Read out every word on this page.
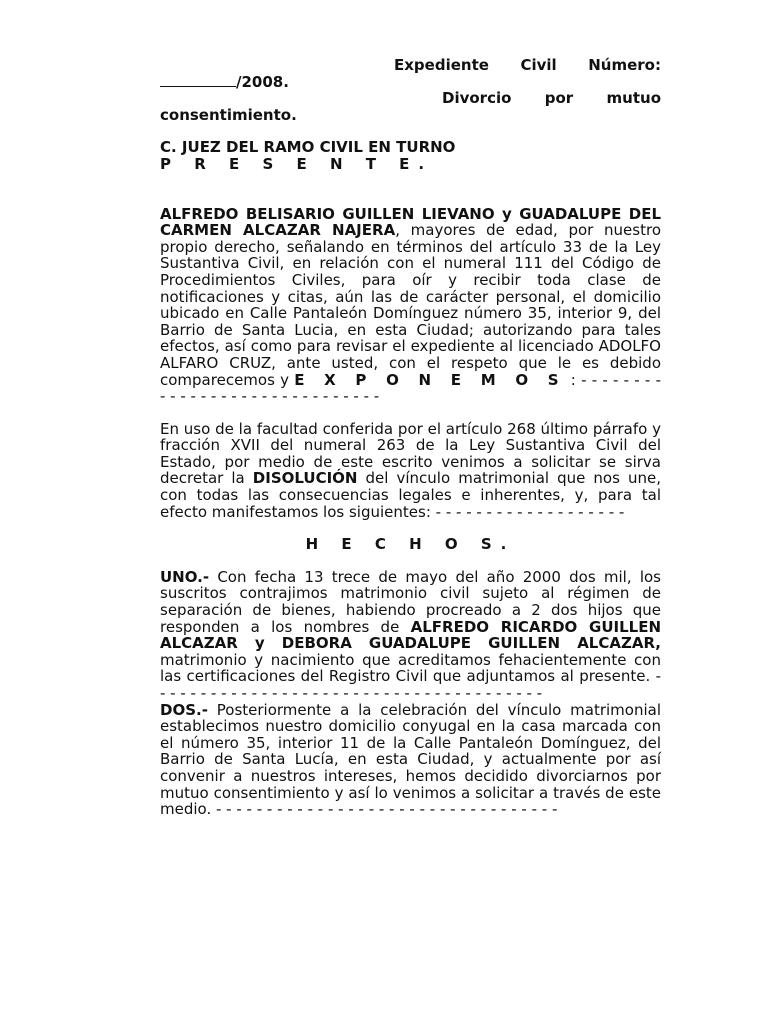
Expediente Civil Número:

/2008.

Divorcio por mutuo

consentimiento.

C. JUEZ DEL RAMO CIVIL EN TURNO

P R E S E N T E.

ALFREDO BELISARIO GUILLEN LIEVANO y GUADALUPE DEL CARMEN ALCAZAR NAJERA, mayores de edad, por nuestro propio derecho, señalando en términos del artículo 33 de la Ley Sustantiva Civil, en relación con el numeral 111 del Código de Procedimientos Civiles, para oír y recibir toda clase de notificaciones y citas, aún las de carácter personal, el domicilio ubicado en Calle Pantaleón Domínguez número 35, interior 9, del Barrio de Santa Lucia, en esta Ciudad; autorizando para tales efectos, así como para revisar el expediente al licenciado ADOLFO ALFARO CRUZ, ante usted, con el respeto que le es debido comparecemos y E X P O N E M O S : - - - - - - - - - - - - - - - - - - - - - - - - - - - - - -

En uso de la facultad conferida por el artículo 268 último párrafo y fracción XVII del numeral 263 de la Ley Sustantiva Civil del Estado, por medio de este escrito venimos a solicitar se sirva decretar la DISOLUCIÓN del vínculo matrimonial que nos une, con todas las consecuencias legales e inherentes, y, para tal efecto manifestamos los siguientes: - - - - - - - - - - - - - - - - - - -

H E C H O S.

UNO.- Con fecha 13 trece de mayo del año 2000 dos mil, los suscritos contrajimos matrimonio civil sujeto al régimen de separación de bienes, habiendo procreado a 2 dos hijos que responden a los nombres de ALFREDO RICARDO GUILLEN ALCAZAR y DEBORA GUADALUPE GUILLEN ALCAZAR, matrimonio y nacimiento que acreditamos fehacientemente con las certificaciones del Registro Civil que adjuntamos al presente. - - - - - - - - - - - - - - - - - - - - - - - - - - - - - - - - - - - - - - -

DOS.- Posteriormente a la celebración del vínculo matrimonial establecimos nuestro domicilio conyugal en la casa marcada con el número 35, interior 11 de la Calle Pantaleón Domínguez, del Barrio de Santa Lucía, en esta Ciudad, y actualmente por así convenir a nuestros intereses, hemos decidido divorciarnos por mutuo consentimiento y así lo venimos a solicitar a través de este medio. - - - - - - - - - - - - - - - - - - - - - - - - - - - - - - - - - -
